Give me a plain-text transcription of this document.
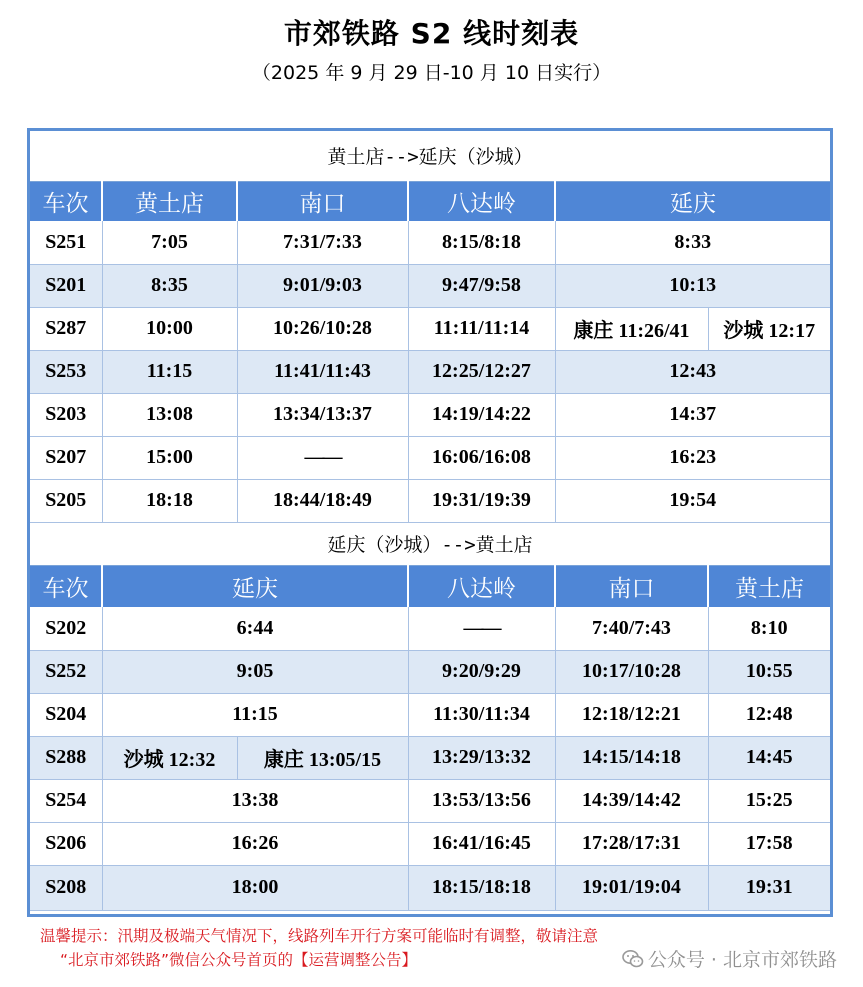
市郊铁路 S2 线时刻表
（2025 年 9 月 29 日-10 月 10 日实行）
黄土店-->延庆（沙城）					
车次	黄土店	南口	八达岭	延庆	
S251	7:05	7:31/7:33	8:15/8:18	8:33	
S201	8:35	9:01/9:03	9:47/9:58	10:13	
S287	10:00	10:26/10:28	11:11/11:14	康庄 11:26/41	沙城 12:17
S253	11:15	11:41/11:43	12:25/12:27	12:43	
S203	13:08	13:34/13:37	14:19/14:22	14:37	
S207	15:00	——	16:06/16:08	16:23	
S205	18:18	18:44/18:49	19:31/19:39	19:54	
延庆（沙城）-->黄土店					
车次	延庆		八达岭	南口	黄土店
S202	6:44		——	7:40/7:43	8:10
S252	9:05		9:20/9:29	10:17/10:28	10:55
S204	11:15		11:30/11:34	12:18/12:21	12:48
S288	沙城 12:32	康庄 13:05/15	13:29/13:32	14:15/14:18	14:45
S254	13:38		13:53/13:56	14:39/14:42	15:25
S206	16:26		16:41/16:45	17:28/17:31	17:58
S208	18:00		18:15/18:18	19:01/19:04	19:31
温馨提示：汛期及极端天气情况下，线路列车开行方案可能临时有调整，敬请注意
“北京市郊铁路”微信公众号首页的【运营调整公告】	公众号 · 北京市郊铁路
